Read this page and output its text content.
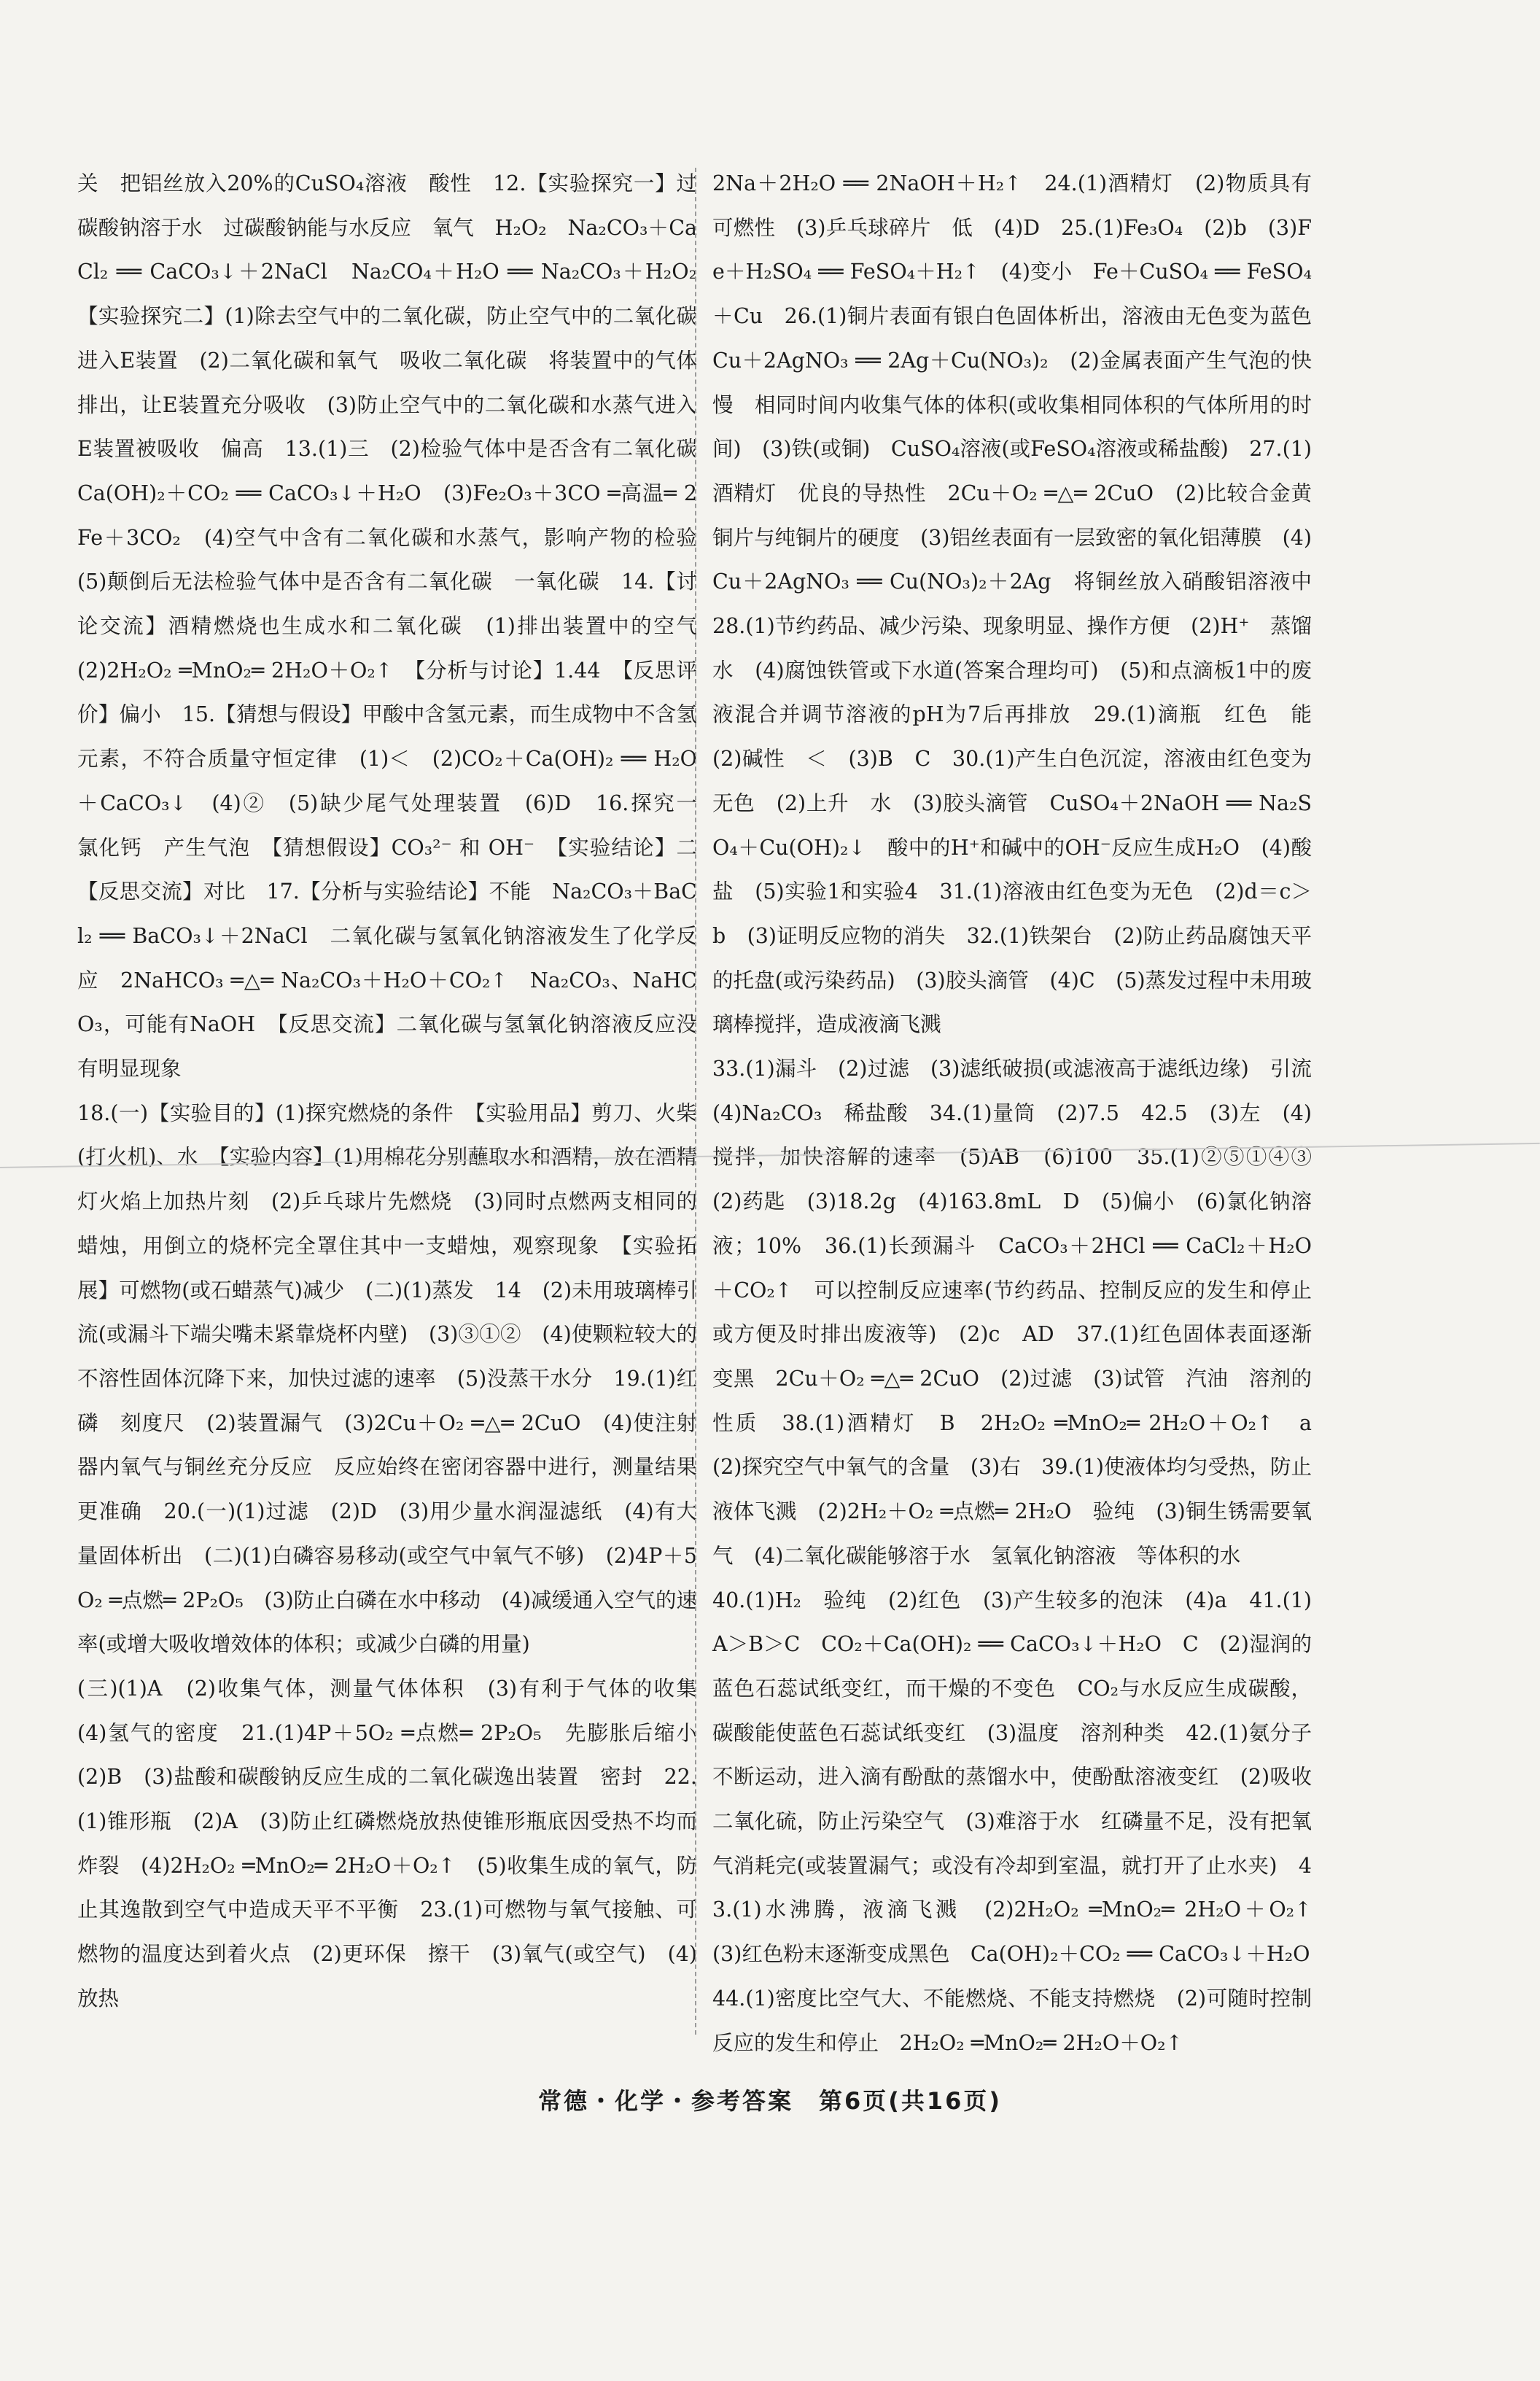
关　把铝丝放入20%的CuSO₄溶液　酸性　12.【实验探究一】过碳酸钠溶于水　过碳酸钠能与水反应　氧气　H₂O₂　Na₂CO₃＋CaCl₂ ══ CaCO₃↓＋2NaCl　Na₂CO₄＋H₂O ══ Na₂CO₃＋H₂O₂　【实验探究二】(1)除去空气中的二氧化碳，防止空气中的二氧化碳进入E装置　(2)二氧化碳和氧气　吸收二氧化碳　将装置中的气体排出，让E装置充分吸收　(3)防止空气中的二氧化碳和水蒸气进入E装置被吸收　偏高　13.(1)三　(2)检验气体中是否含有二氧化碳　Ca(OH)₂＋CO₂ ══ CaCO₃↓＋H₂O　(3)Fe₂O₃＋3CO ═高温═ 2Fe＋3CO₂　(4)空气中含有二氧化碳和水蒸气，影响产物的检验　(5)颠倒后无法检验气体中是否含有二氧化碳　一氧化碳　14.【讨论交流】酒精燃烧也生成水和二氧化碳　(1)排出装置中的空气　(2)2H₂O₂ ═MnO₂═ 2H₂O＋O₂↑　【分析与讨论】1.44　【反思评价】偏小　15.【猜想与假设】甲酸中含氢元素，而生成物中不含氢元素，不符合质量守恒定律　(1)＜　(2)CO₂＋Ca(OH)₂ ══ H₂O＋CaCO₃↓　(4)②　(5)缺少尾气处理装置　(6)D　16.探究一　氯化钙　产生气泡　【猜想假设】CO₃²⁻ 和 OH⁻　【实验结论】二　【反思交流】对比　17.【分析与实验结论】不能　Na₂CO₃＋BaCl₂ ══ BaCO₃↓＋2NaCl　二氧化碳与氢氧化钠溶液发生了化学反应　2NaHCO₃ ═△═ Na₂CO₃＋H₂O＋CO₂↑　Na₂CO₃、NaHCO₃，可能有NaOH　【反思交流】二氧化碳与氢氧化钠溶液反应没有明显现象

18.(一)【实验目的】(1)探究燃烧的条件　【实验用品】剪刀、火柴(打火机)、水　【实验内容】(1)用棉花分别蘸取水和酒精，放在酒精灯火焰上加热片刻　(2)乒乓球片先燃烧　(3)同时点燃两支相同的蜡烛，用倒立的烧杯完全罩住其中一支蜡烛，观察现象　【实验拓展】可燃物(或石蜡蒸气)减少　(二)(1)蒸发　14　(2)未用玻璃棒引流(或漏斗下端尖嘴未紧靠烧杯内壁)　(3)③①②　(4)使颗粒较大的不溶性固体沉降下来，加快过滤的速率　(5)没蒸干水分　19.(1)红磷　刻度尺　(2)装置漏气　(3)2Cu＋O₂ ═△═ 2CuO　(4)使注射器内氧气与铜丝充分反应　反应始终在密闭容器中进行，测量结果更准确　20.(一)(1)过滤　(2)D　(3)用少量水润湿滤纸　(4)有大量固体析出　(二)(1)白磷容易移动(或空气中氧气不够)　(2)4P＋5O₂ ═点燃═ 2P₂O₅　(3)防止白磷在水中移动　(4)减缓通入空气的速率(或增大吸收增效体的体积；或减少白磷的用量)

(三)(1)A　(2)收集气体，测量气体体积　(3)有利于气体的收集　(4)氢气的密度　21.(1)4P＋5O₂ ═点燃═ 2P₂O₅　先膨胀后缩小　(2)B　(3)盐酸和碳酸钠反应生成的二氧化碳逸出装置　密封　22.(1)锥形瓶　(2)A　(3)防止红磷燃烧放热使锥形瓶底因受热不均而炸裂　(4)2H₂O₂ ═MnO₂═ 2H₂O＋O₂↑　(5)收集生成的氧气，防止其逸散到空气中造成天平不平衡　23.(1)可燃物与氧气接触、可燃物的温度达到着火点　(2)更环保　擦干　(3)氧气(或空气)　(4)放热

2Na＋2H₂O ══ 2NaOH＋H₂↑　24.(1)酒精灯　(2)物质具有可燃性　(3)乒乓球碎片　低　(4)D　25.(1)Fe₃O₄　(2)b　(3)Fe＋H₂SO₄ ══ FeSO₄＋H₂↑　(4)变小　Fe＋CuSO₄ ══ FeSO₄＋Cu　26.(1)铜片表面有银白色固体析出，溶液由无色变为蓝色　Cu＋2AgNO₃ ══ 2Ag＋Cu(NO₃)₂　(2)金属表面产生气泡的快慢　相同时间内收集气体的体积(或收集相同体积的气体所用的时间)　(3)铁(或铜)　CuSO₄溶液(或FeSO₄溶液或稀盐酸)　27.(1)酒精灯　优良的导热性　2Cu＋O₂ ═△═ 2CuO　(2)比较合金黄铜片与纯铜片的硬度　(3)铝丝表面有一层致密的氧化铝薄膜　(4)Cu＋2AgNO₃ ══ Cu(NO₃)₂＋2Ag　将铜丝放入硝酸铝溶液中　28.(1)节约药品、减少污染、现象明显、操作方便　(2)H⁺　蒸馏水　(4)腐蚀铁管或下水道(答案合理均可)　(5)和点滴板1中的废液混合并调节溶液的pH为7后再排放　29.(1)滴瓶　红色　能　(2)碱性　＜　(3)B　C　30.(1)产生白色沉淀，溶液由红色变为无色　(2)上升　水　(3)胶头滴管　CuSO₄＋2NaOH ══ Na₂SO₄＋Cu(OH)₂↓　酸中的H⁺和碱中的OH⁻反应生成H₂O　(4)酸　盐　(5)实验1和实验4　31.(1)溶液由红色变为无色　(2)d＝c＞b　(3)证明反应物的消失　32.(1)铁架台　(2)防止药品腐蚀天平的托盘(或污染药品)　(3)胶头滴管　(4)C　(5)蒸发过程中未用玻璃棒搅拌，造成液滴飞溅

33.(1)漏斗　(2)过滤　(3)滤纸破损(或滤液高于滤纸边缘)　引流　(4)Na₂CO₃　稀盐酸　34.(1)量筒　(2)7.5　42.5　(3)左　(4)搅拌，加快溶解的速率　(5)AB　(6)100　35.(1)②⑤①④③　(2)药匙　(3)18.2g　(4)163.8mL　D　(5)偏小　(6)氯化钠溶液；10%　36.(1)长颈漏斗　CaCO₃＋2HCl ══ CaCl₂＋H₂O＋CO₂↑　可以控制反应速率(节约药品、控制反应的发生和停止或方便及时排出废液等)　(2)c　AD　37.(1)红色固体表面逐渐变黑　2Cu＋O₂ ═△═ 2CuO　(2)过滤　(3)试管　汽油　溶剂的性质　38.(1)酒精灯　B　2H₂O₂ ═MnO₂═ 2H₂O＋O₂↑　a　(2)探究空气中氧气的含量　(3)右　39.(1)使液体均匀受热，防止液体飞溅　(2)2H₂＋O₂ ═点燃═ 2H₂O　验纯　(3)铜生锈需要氧气　(4)二氧化碳能够溶于水　氢氧化钠溶液　等体积的水

40.(1)H₂　验纯　(2)红色　(3)产生较多的泡沫　(4)a　41.(1)A＞B＞C　CO₂＋Ca(OH)₂ ══ CaCO₃↓＋H₂O　C　(2)湿润的蓝色石蕊试纸变红，而干燥的不变色　CO₂与水反应生成碳酸，碳酸能使蓝色石蕊试纸变红　(3)温度　溶剂种类　42.(1)氨分子不断运动，进入滴有酚酞的蒸馏水中，使酚酞溶液变红　(2)吸收二氧化硫，防止污染空气　(3)难溶于水　红磷量不足，没有把氧气消耗完(或装置漏气；或没有冷却到室温，就打开了止水夹)　43.(1)水沸腾，液滴飞溅　(2)2H₂O₂ ═MnO₂═ 2H₂O＋O₂↑　(3)红色粉末逐渐变成黑色　Ca(OH)₂＋CO₂ ══ CaCO₃↓＋H₂O

44.(1)密度比空气大、不能燃烧、不能支持燃烧　(2)可随时控制反应的发生和停止　2H₂O₂ ═MnO₂═ 2H₂O＋O₂↑

常德・化学・参考答案　第6页(共16页)
